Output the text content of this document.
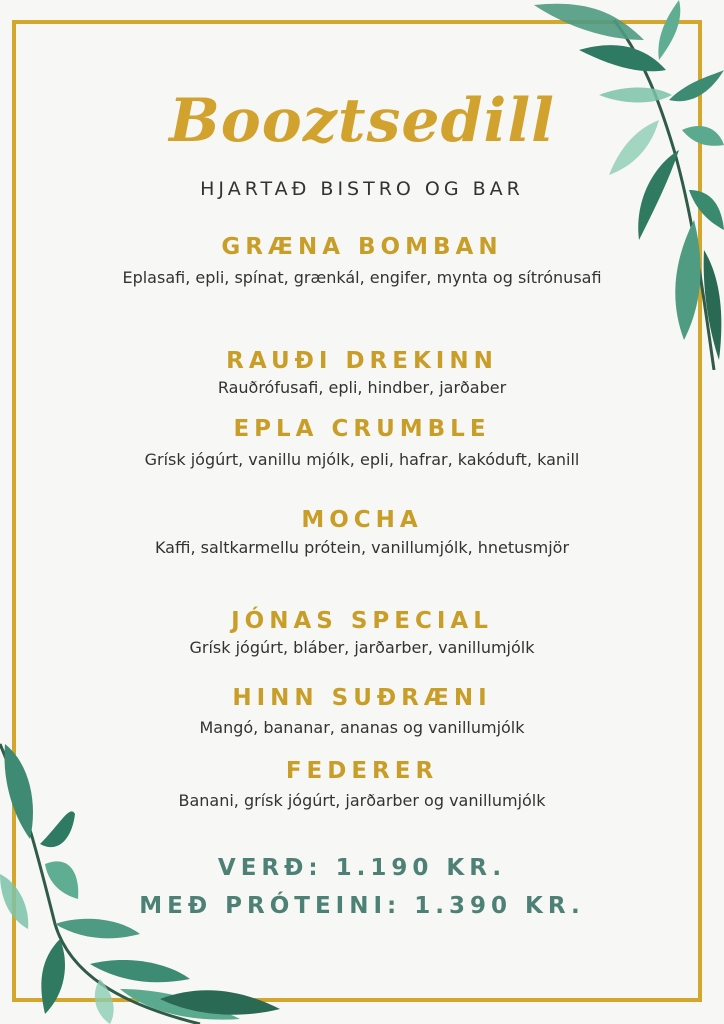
Booztsedill
HJARTAÐ BISTRO OG BAR
GRÆNA BOMBAN
Eplasafi, epli, spínat, grænkál, engifer, mynta og sítrónusafi
RAUÐI DREKINN
Rauðrófusafi, epli, hindber, jarðaber
EPLA CRUMBLE
Grísk jógúrt, vanillu mjólk, epli, hafrar, kakóduft, kanill
MOCHA
Kaffi, saltkarmellu prótein, vanillumjólk, hnetusmjör
JÓNAS SPECIAL
Grísk jógúrt, bláber, jarðarber, vanillumjólk
HINN SUÐRÆNI
Mangó, bananar, ananas og vanillumjólk
FEDERER
Banani, grísk jógúrt, jarðarber og vanillumjólk
VERÐ: 1.190 KR.
MEÐ PRÓTEINI: 1.390 KR.
